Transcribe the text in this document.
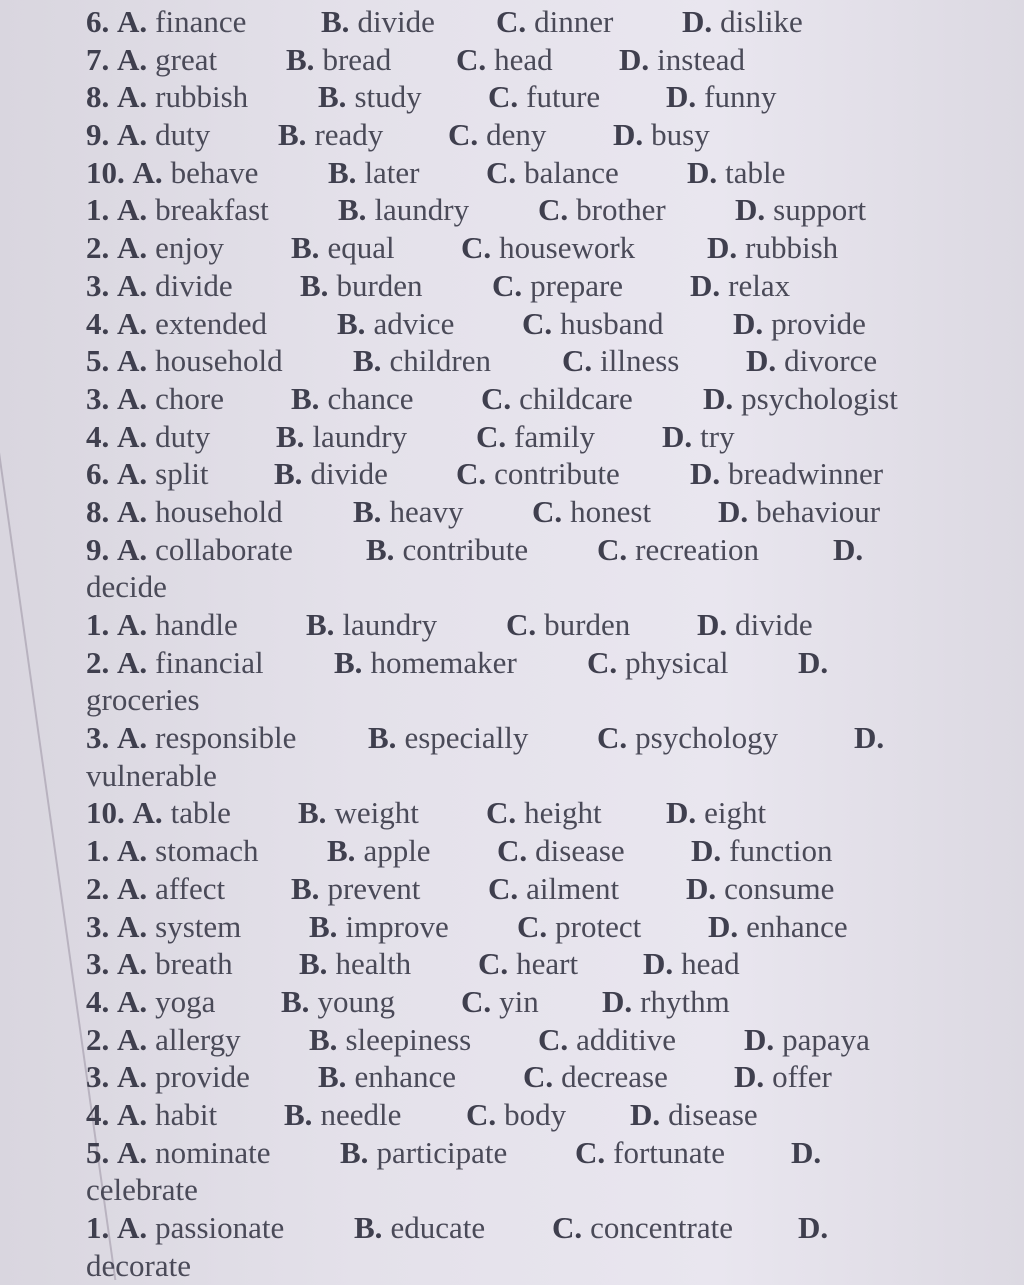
6. A. finance B. divide C. dinner D. dislike
7. A. great B. bread C. head D. instead
8. A. rubbish B. study C. future D. funny
9. A. duty B. ready C. deny D. busy
10. A. behave B. later C. balance D. table
1. A. breakfast B. laundry C. brother D. support
2. A. enjoy B. equal C. housework D. rubbish
3. A. divide B. burden C. prepare D. relax
4. A. extended B. advice C. husband D. provide
5. A. household B. children C. illness D. divorce
3. A. chore B. chance C. childcare D. psychologist
4. A. duty B. laundry C. family D. try
6. A. split B. divide C. contribute D. breadwinner
8. A. household B. heavy C. honest D. behaviour
9. A. collaborate B. contribute C. recreation D.
decide
1. A. handle B. laundry C. burden D. divide
2. A. financial B. homemaker C. physical D.
groceries
3. A. responsible B. especially C. psychology D.
vulnerable
10. A. table B. weight C. height D. eight
1. A. stomach B. apple C. disease D. function
2. A. affect B. prevent C. ailment D. consume
3. A. system B. improve C. protect D. enhance
3. A. breath B. health C. heart D. head
4. A. yoga B. young C. yin D. rhythm
2. A. allergy B. sleepiness C. additive D. papaya
3. A. provide B. enhance C. decrease D. offer
4. A. habit B. needle C. body D. disease
5. A. nominate B. participate C. fortunate D.
celebrate
1. A. passionate B. educate C. concentrate D.
decorate
